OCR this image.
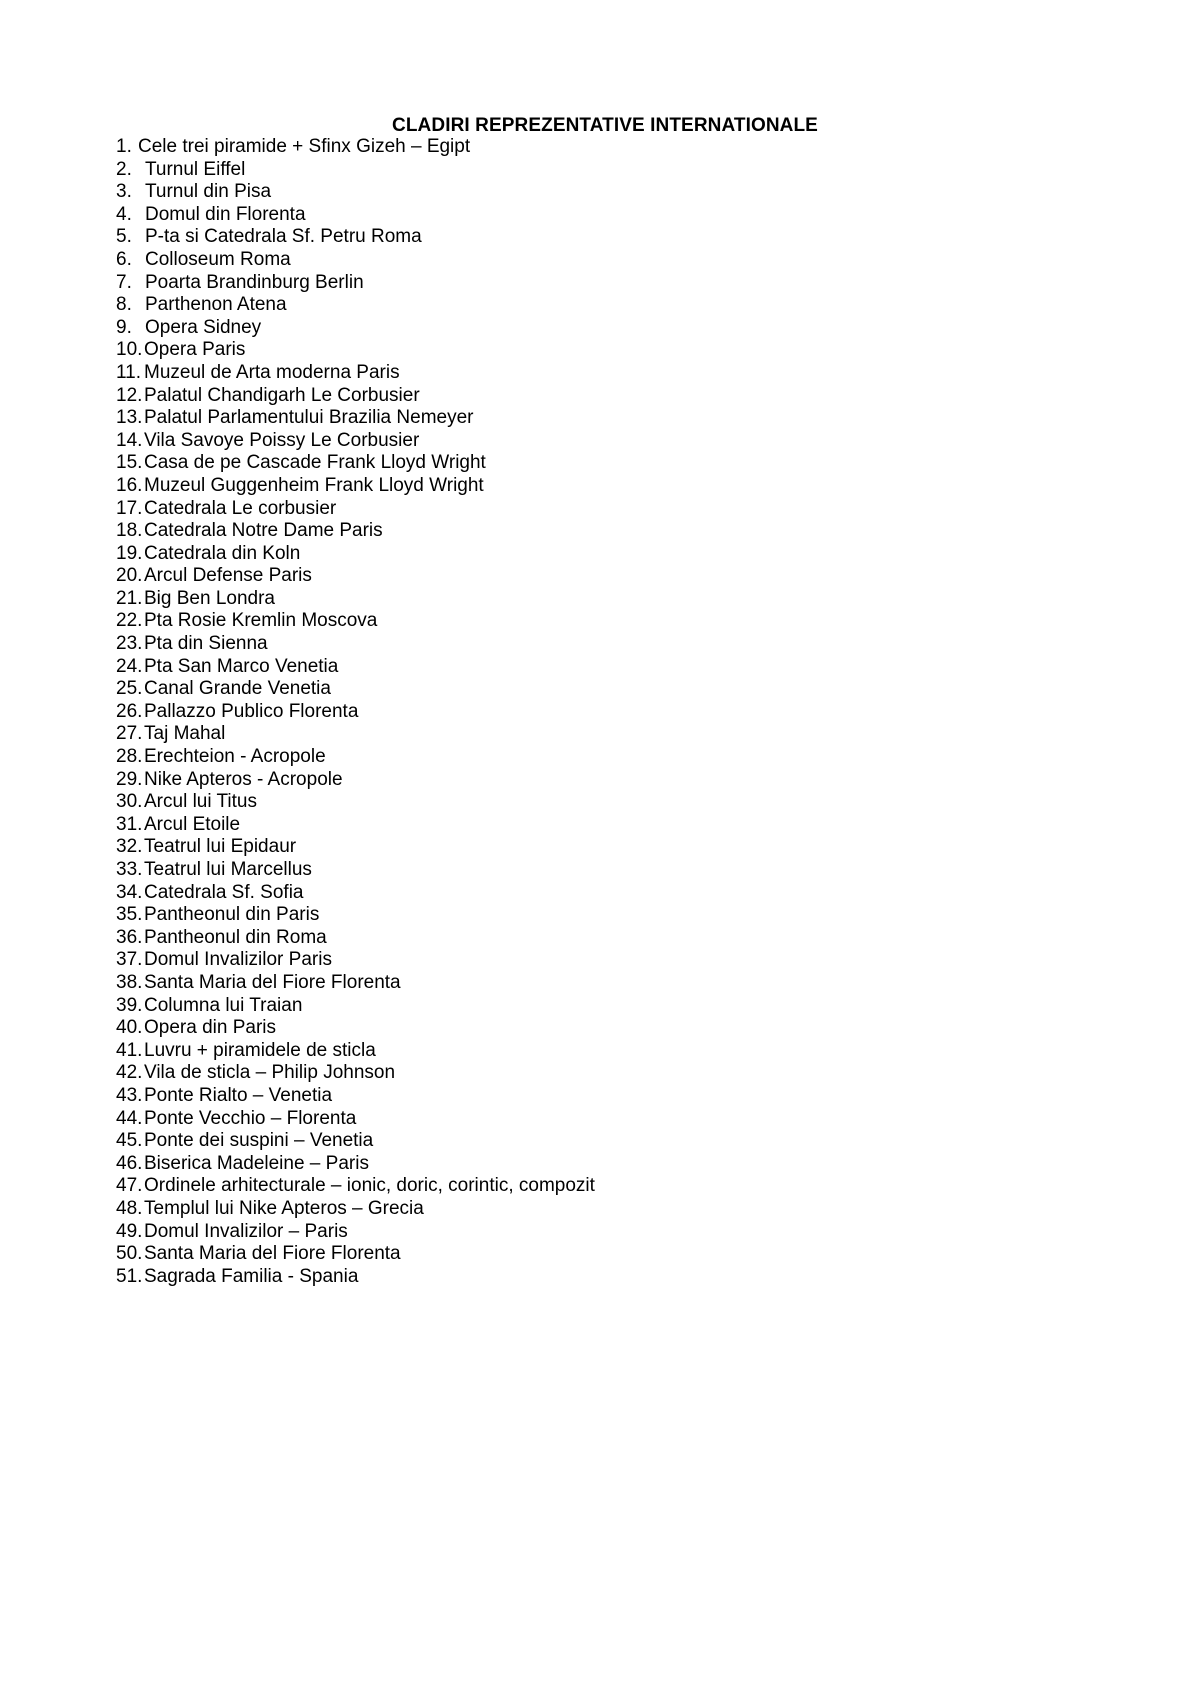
CLADIRI REPREZENTATIVE INTERNATIONALE
1. Cele trei piramide + Sfinx Gizeh – Egipt
2. Turnul Eiffel
3. Turnul din Pisa
4. Domul din Florenta
5. P-ta si Catedrala Sf. Petru Roma
6. Colloseum Roma
7. Poarta Brandinburg Berlin
8. Parthenon Atena
9. Opera Sidney
10. Opera Paris
11. Muzeul de Arta moderna Paris
12. Palatul Chandigarh Le Corbusier
13. Palatul Parlamentului Brazilia Nemeyer
14. Vila Savoye Poissy Le Corbusier
15. Casa de pe Cascade Frank Lloyd Wright
16. Muzeul Guggenheim Frank Lloyd Wright
17. Catedrala Le corbusier
18. Catedrala Notre Dame Paris
19. Catedrala din Koln
20. Arcul Defense Paris
21. Big Ben Londra
22. Pta Rosie Kremlin Moscova
23. Pta din Sienna
24. Pta San Marco Venetia
25. Canal Grande Venetia
26. Pallazzo Publico Florenta
27. Taj Mahal
28. Erechteion - Acropole
29. Nike Apteros - Acropole
30. Arcul lui Titus
31. Arcul Etoile
32. Teatrul lui Epidaur
33. Teatrul lui Marcellus
34. Catedrala Sf. Sofia
35. Pantheonul din Paris
36. Pantheonul din Roma
37. Domul Invalizilor Paris
38. Santa Maria del Fiore Florenta
39. Columna lui Traian
40. Opera din Paris
41. Luvru + piramidele de sticla
42. Vila de sticla – Philip Johnson
43. Ponte Rialto – Venetia
44. Ponte Vecchio – Florenta
45. Ponte dei suspini – Venetia
46. Biserica Madeleine – Paris
47. Ordinele arhitecturale – ionic, doric, corintic, compozit
48. Templul lui Nike Apteros – Grecia
49. Domul Invalizilor – Paris
50. Santa Maria del Fiore Florenta
51. Sagrada Familia - Spania
